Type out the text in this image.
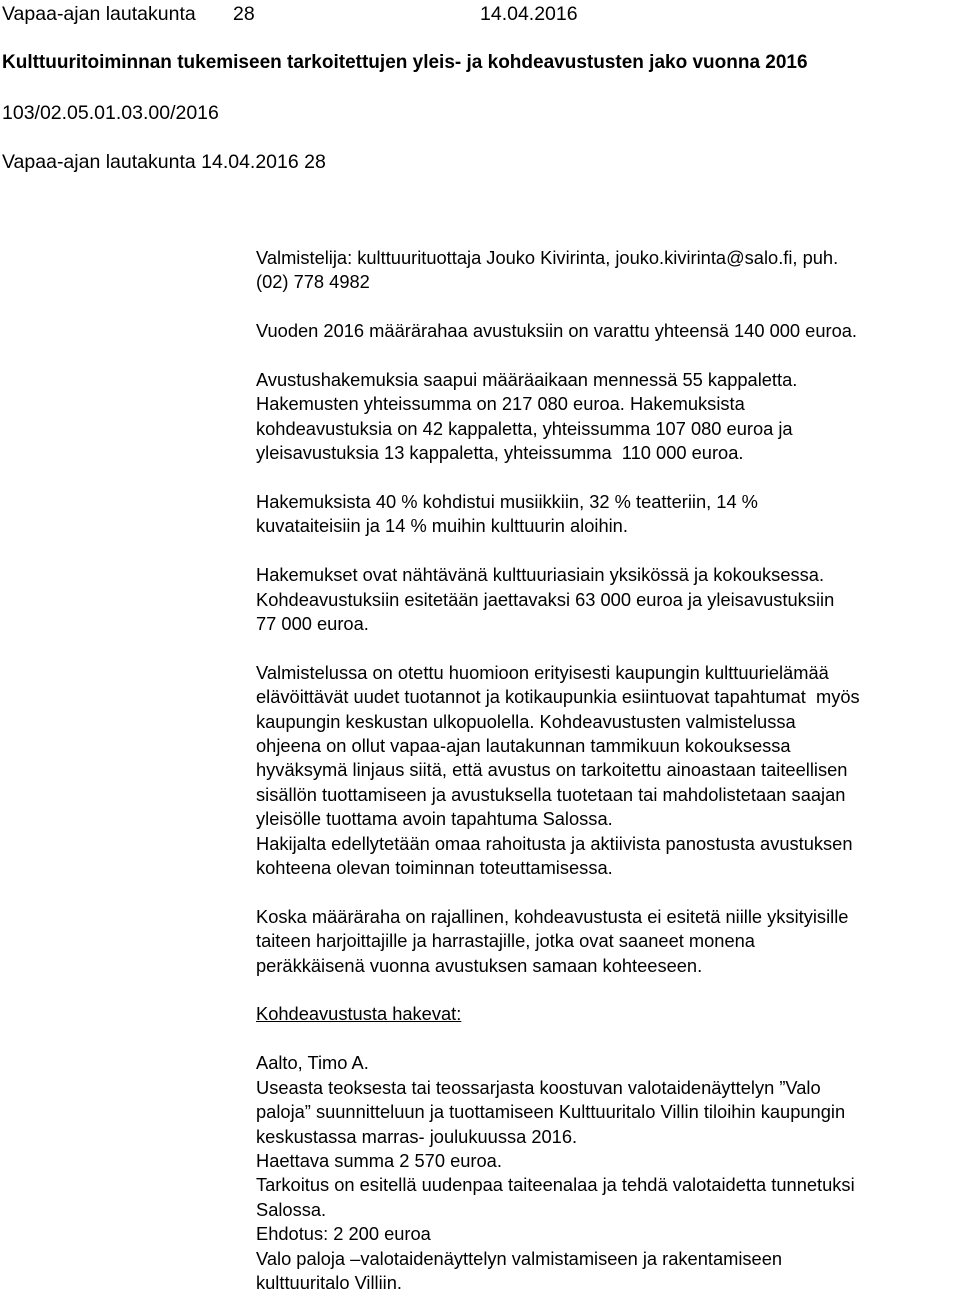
Vapaa-ajan lautakunta 28	14.04.2016
Kulttuuritoiminnan tukemiseen tarkoitettujen yleis- ja kohdeavustusten jako vuonna 2016
103/02.05.01.03.00/2016
Vapaa-ajan lautakunta 14.04.2016 28

Valmistelija: kulttuurituottaja Jouko Kivirinta, jouko.kivirinta@salo.fi, puh.

(02) 778 4982

Vuoden 2016 määrärahaa avustuksiin on varattu yhteensä 140 000 euroa.

Avustushakemuksia saapui määräaikaan mennessä 55 kappaletta.

Hakemusten yhteissumma on 217 080 euroa. Hakemuksista

kohdeavustuksia on 42 kappaletta, yhteissumma 107 080 euroa ja

yleisavustuksia 13 kappaletta, yhteissumma  110 000 euroa.

Hakemuksista 40 % kohdistui musiikkiin, 32 % teatteriin, 14 %

kuvataiteisiin ja 14 % muihin kulttuurin aloihin.

Hakemukset ovat nähtävänä kulttuuriasiain yksikössä ja kokouksessa.

Kohdeavustuksiin esitetään jaettavaksi 63 000 euroa ja yleisavustuksiin

77 000 euroa.

Valmistelussa on otettu huomioon erityisesti kaupungin kulttuurielämää

elävöittävät uudet tuotannot ja kotikaupunkia esiintuovat tapahtumat  myös

kaupungin keskustan ulkopuolella. Kohdeavustusten valmistelussa

ohjeena on ollut vapaa-ajan lautakunnan tammikuun kokouksessa

hyväksymä linjaus siitä, että avustus on tarkoitettu ainoastaan taiteellisen

sisällön tuottamiseen ja avustuksella tuotetaan tai mahdolistetaan saajan

yleisölle tuottama avoin tapahtuma Salossa.

Hakijalta edellytetään omaa rahoitusta ja aktiivista panostusta avustuksen

kohteena olevan toiminnan toteuttamisessa.

Koska määräraha on rajallinen, kohdeavustusta ei esitetä niille yksityisille

taiteen harjoittajille ja harrastajille, jotka ovat saaneet monena

peräkkäisenä vuonna avustuksen samaan kohteeseen.

Kohdeavustusta hakevat:

Aalto, Timo A.

Useasta teoksesta tai teossarjasta koostuvan valotaidenäyttelyn ”Valo

paloja” suunnitteluun ja tuottamiseen Kulttuuritalo Villin tiloihin kaupungin

keskustassa marras- joulukuussa 2016.

Haettava summa 2 570 euroa.

Tarkoitus on esitellä uudenpaa taiteenalaa ja tehdä valotaidetta tunnetuksi

Salossa.

Ehdotus: 2 200 euroa

Valo paloja –valotaidenäyttelyn valmistamiseen ja rakentamiseen

kulttuuritalo Villiin.
